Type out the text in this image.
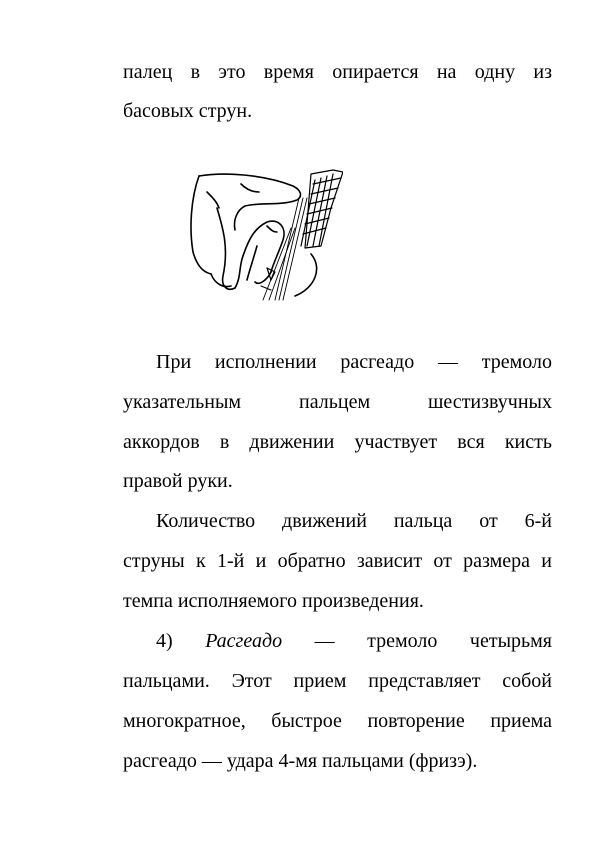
палец в это время опирается на одну из
басовых струн.
При исполнении расгеадо — тремоло
указательным пальцем шестизвучных
аккордов в движении участвует вся кисть
правой руки.
Количество движений пальца от 6-й
струны к 1-й и обратно зависит от размера и
темпа исполняемого произведения.
4) Расгеадо — тремоло четырьмя
пальцами. Этот прием представляет собой
многократное, быстрое повторение приема
расгеадо — удара 4-мя пальцами (фризэ).
